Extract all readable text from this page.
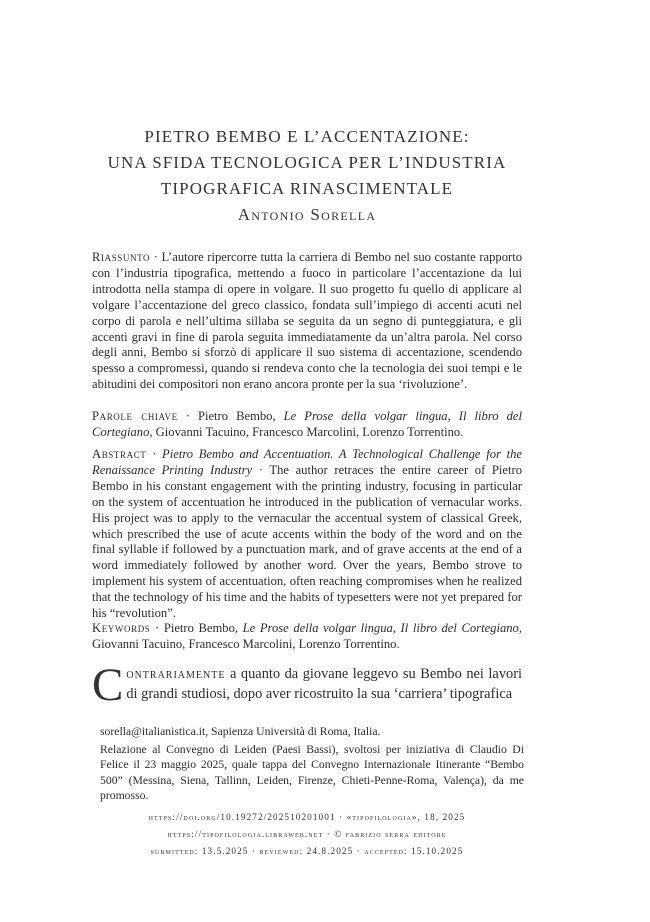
PIETRO BEMBO E L’ACCENTAZIONE:
UNA SFIDA TECNOLOGICA PER L’INDUSTRIA
TIPOGRAFICA RINASCIMENTALE
Antonio Sorella
Riassunto · L’autore ripercorre tutta la carriera di Bembo nel suo costante rapporto con l’industria tipografica, mettendo a fuoco in particolare l’accentazione da lui introdotta nella stampa di opere in volgare. Il suo progetto fu quello di applicare al volgare l’accentazione del greco classico, fondata sull’impiego di accenti acuti nel corpo di parola e nell’ultima sillaba se seguita da un segno di punteggiatura, e gli accenti gravi in fine di parola seguita immediatamente da un’altra parola. Nel corso degli anni, Bembo si sforzò di applicare il suo sistema di accentazione, scendendo spesso a compromessi, quando si rendeva conto che la tecnologia dei suoi tempi e le abitudini dei compositori non erano ancora pronte per la sua ‘rivoluzione’.
Parole chiave · Pietro Bembo, Le Prose della volgar lingua, Il libro del Cortegiano, Giovanni Tacuino, Francesco Marcolini, Lorenzo Torrentino.
Abstract · Pietro Bembo and Accentuation. A Technological Challenge for the Renaissance Printing Industry · The author retraces the entire career of Pietro Bembo in his constant engagement with the printing industry, focusing in particular on the system of accentuation he introduced in the publication of vernacular works. His project was to apply to the vernacular the accentual system of classical Greek, which prescribed the use of acute accents within the body of the word and on the final syllable if followed by a punctuation mark, and of grave accents at the end of a word immediately followed by another word. Over the years, Bembo strove to implement his system of accentuation, often reaching compromises when he realized that the technology of his time and the habits of typesetters were not yet prepared for his “revolution”.
Keywords · Pietro Bembo, Le Prose della volgar lingua, Il libro del Cortegiano, Giovanni Tacuino, Francesco Marcolini, Lorenzo Torrentino.
Contrariamente a quanto da giovane leggevo su Bembo nei lavori di grandi studiosi, dopo aver ricostruito la sua ‘carriera’ tipografica

sorella@italianistica.it, Sapienza Università di Roma, Italia.

Relazione al Convegno di Leiden (Paesi Bassi), svoltosi per iniziativa di Claudio Di Felice il 23 maggio 2025, quale tappa del Convegno Internazionale Itinerante “Bembo 500” (Messina, Siena, Tallinn, Leiden, Firenze, Chieti-Penne-Roma, Valença), da me promosso.

https://doi.org/10.19272/202510201001 · «tipofilologia», 18, 2025
https://tipofilologia.libraweb.net · © fabrizio serra editore
submitted: 13.5.2025 · reviewed: 24.8.2025 · accepted: 15.10.2025
